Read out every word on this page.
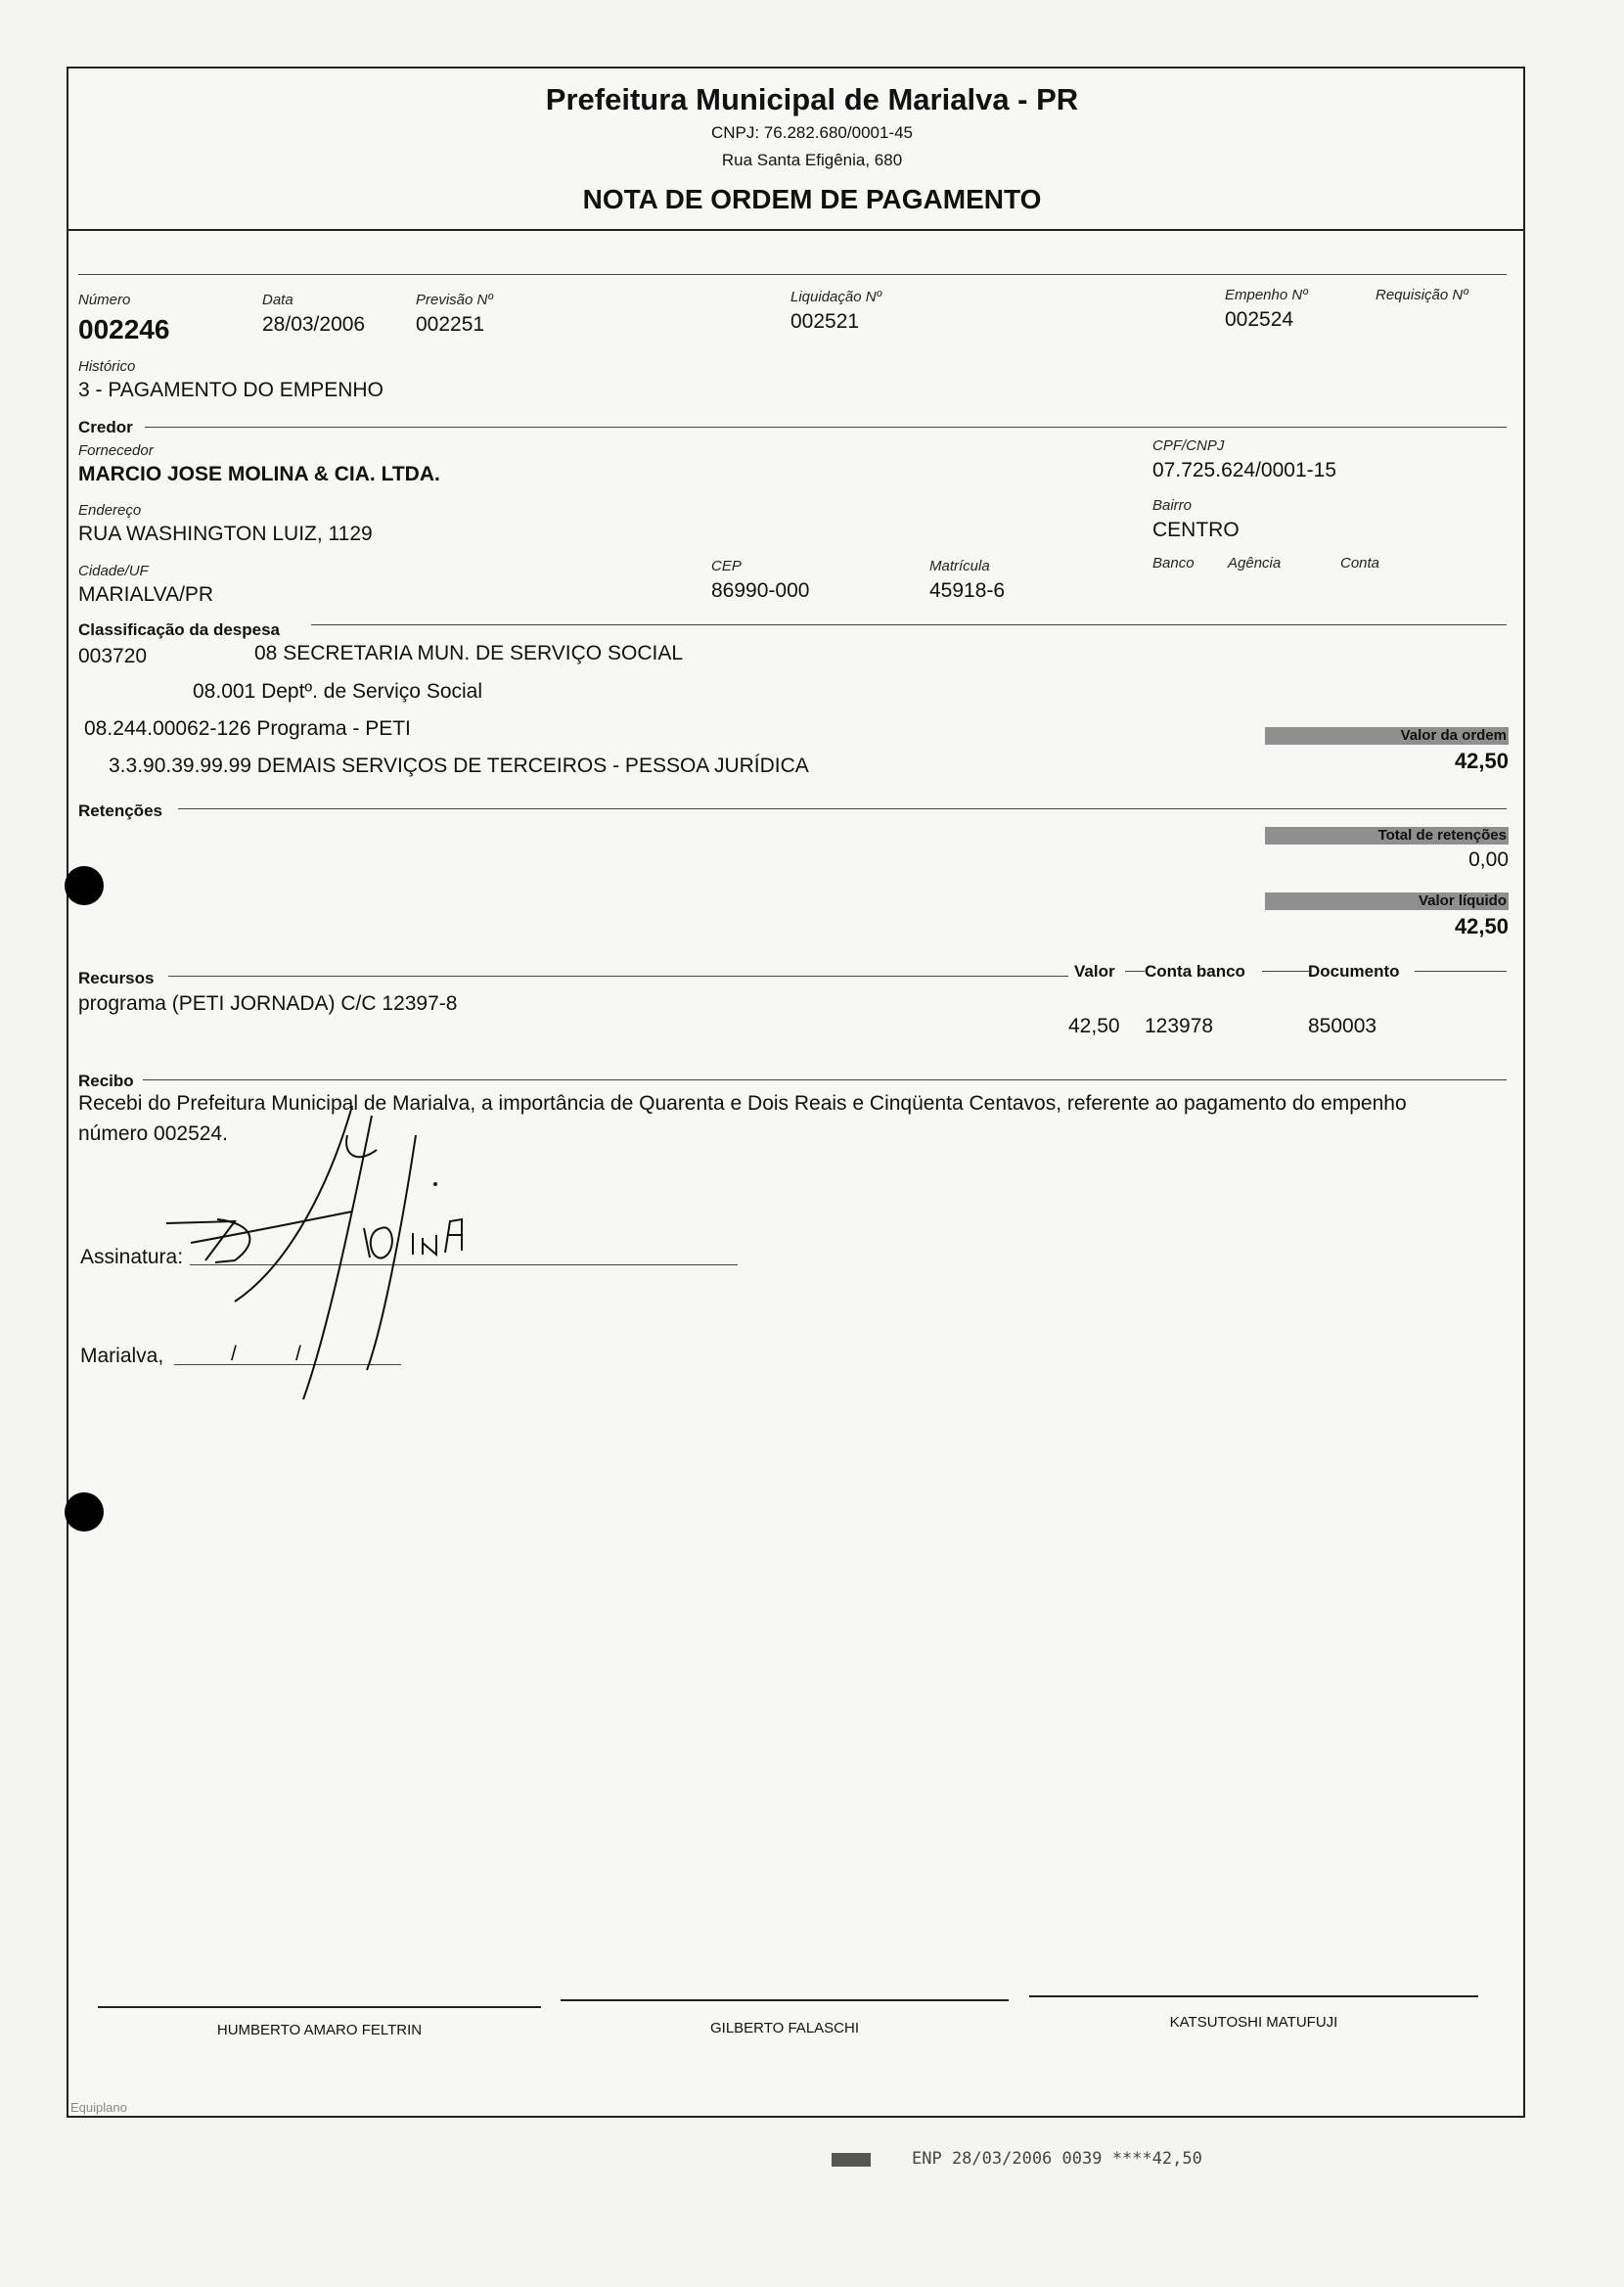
Prefeitura Municipal de Marialva - PR
CNPJ: 76.282.680/0001-45
Rua Santa Efigênia, 680
NOTA DE ORDEM DE PAGAMENTO
Número
002246
Data
28/03/2006
Previsão Nº
002251
Liquidação Nº
002521
Empenho Nº
002524
Requisição Nº
Histórico
3 - PAGAMENTO DO EMPENHO
Credor
Fornecedor
MARCIO JOSE MOLINA & CIA. LTDA.
CPF/CNPJ
07.725.624/0001-15
Endereço
RUA WASHINGTON LUIZ, 1129
Bairro
CENTRO
Cidade/UF
MARIALVA/PR
CEP
86990-000
Matrícula
45918-6
Banco Agência	Conta
Classificação da despesa
003720	08 SECRETARIA MUN. DE SERVIÇO SOCIAL
08.001 Deptº. de Serviço Social
08.244.00062-126 Programa - PETI
3.3.90.39.99.99 DEMAIS SERVIÇOS DE TERCEIROS - PESSOA JURÍDICA
Valor da ordem
42,50
Retenções
Total de retenções
0,00
Valor líquido
42,50
Recursos	Valor Conta banco	Documento
programa (PETI JORNADA) C/C 12397-8
42,50 123978	850003
Recibo
Recebi do Prefeitura Municipal de Marialva, a importância de Quarenta e Dois Reais e Cinqüenta Centavos, referente ao pagamento do empenho
número 002524.
Assinatura:
Marialva,	/	/
HUMBERTO AMARO FELTRIN	GILBERTO FALASCHI	KATSUTOSHI MATUFUJI
Equiplano
ENP 28/03/2006 0039 ****42,50
